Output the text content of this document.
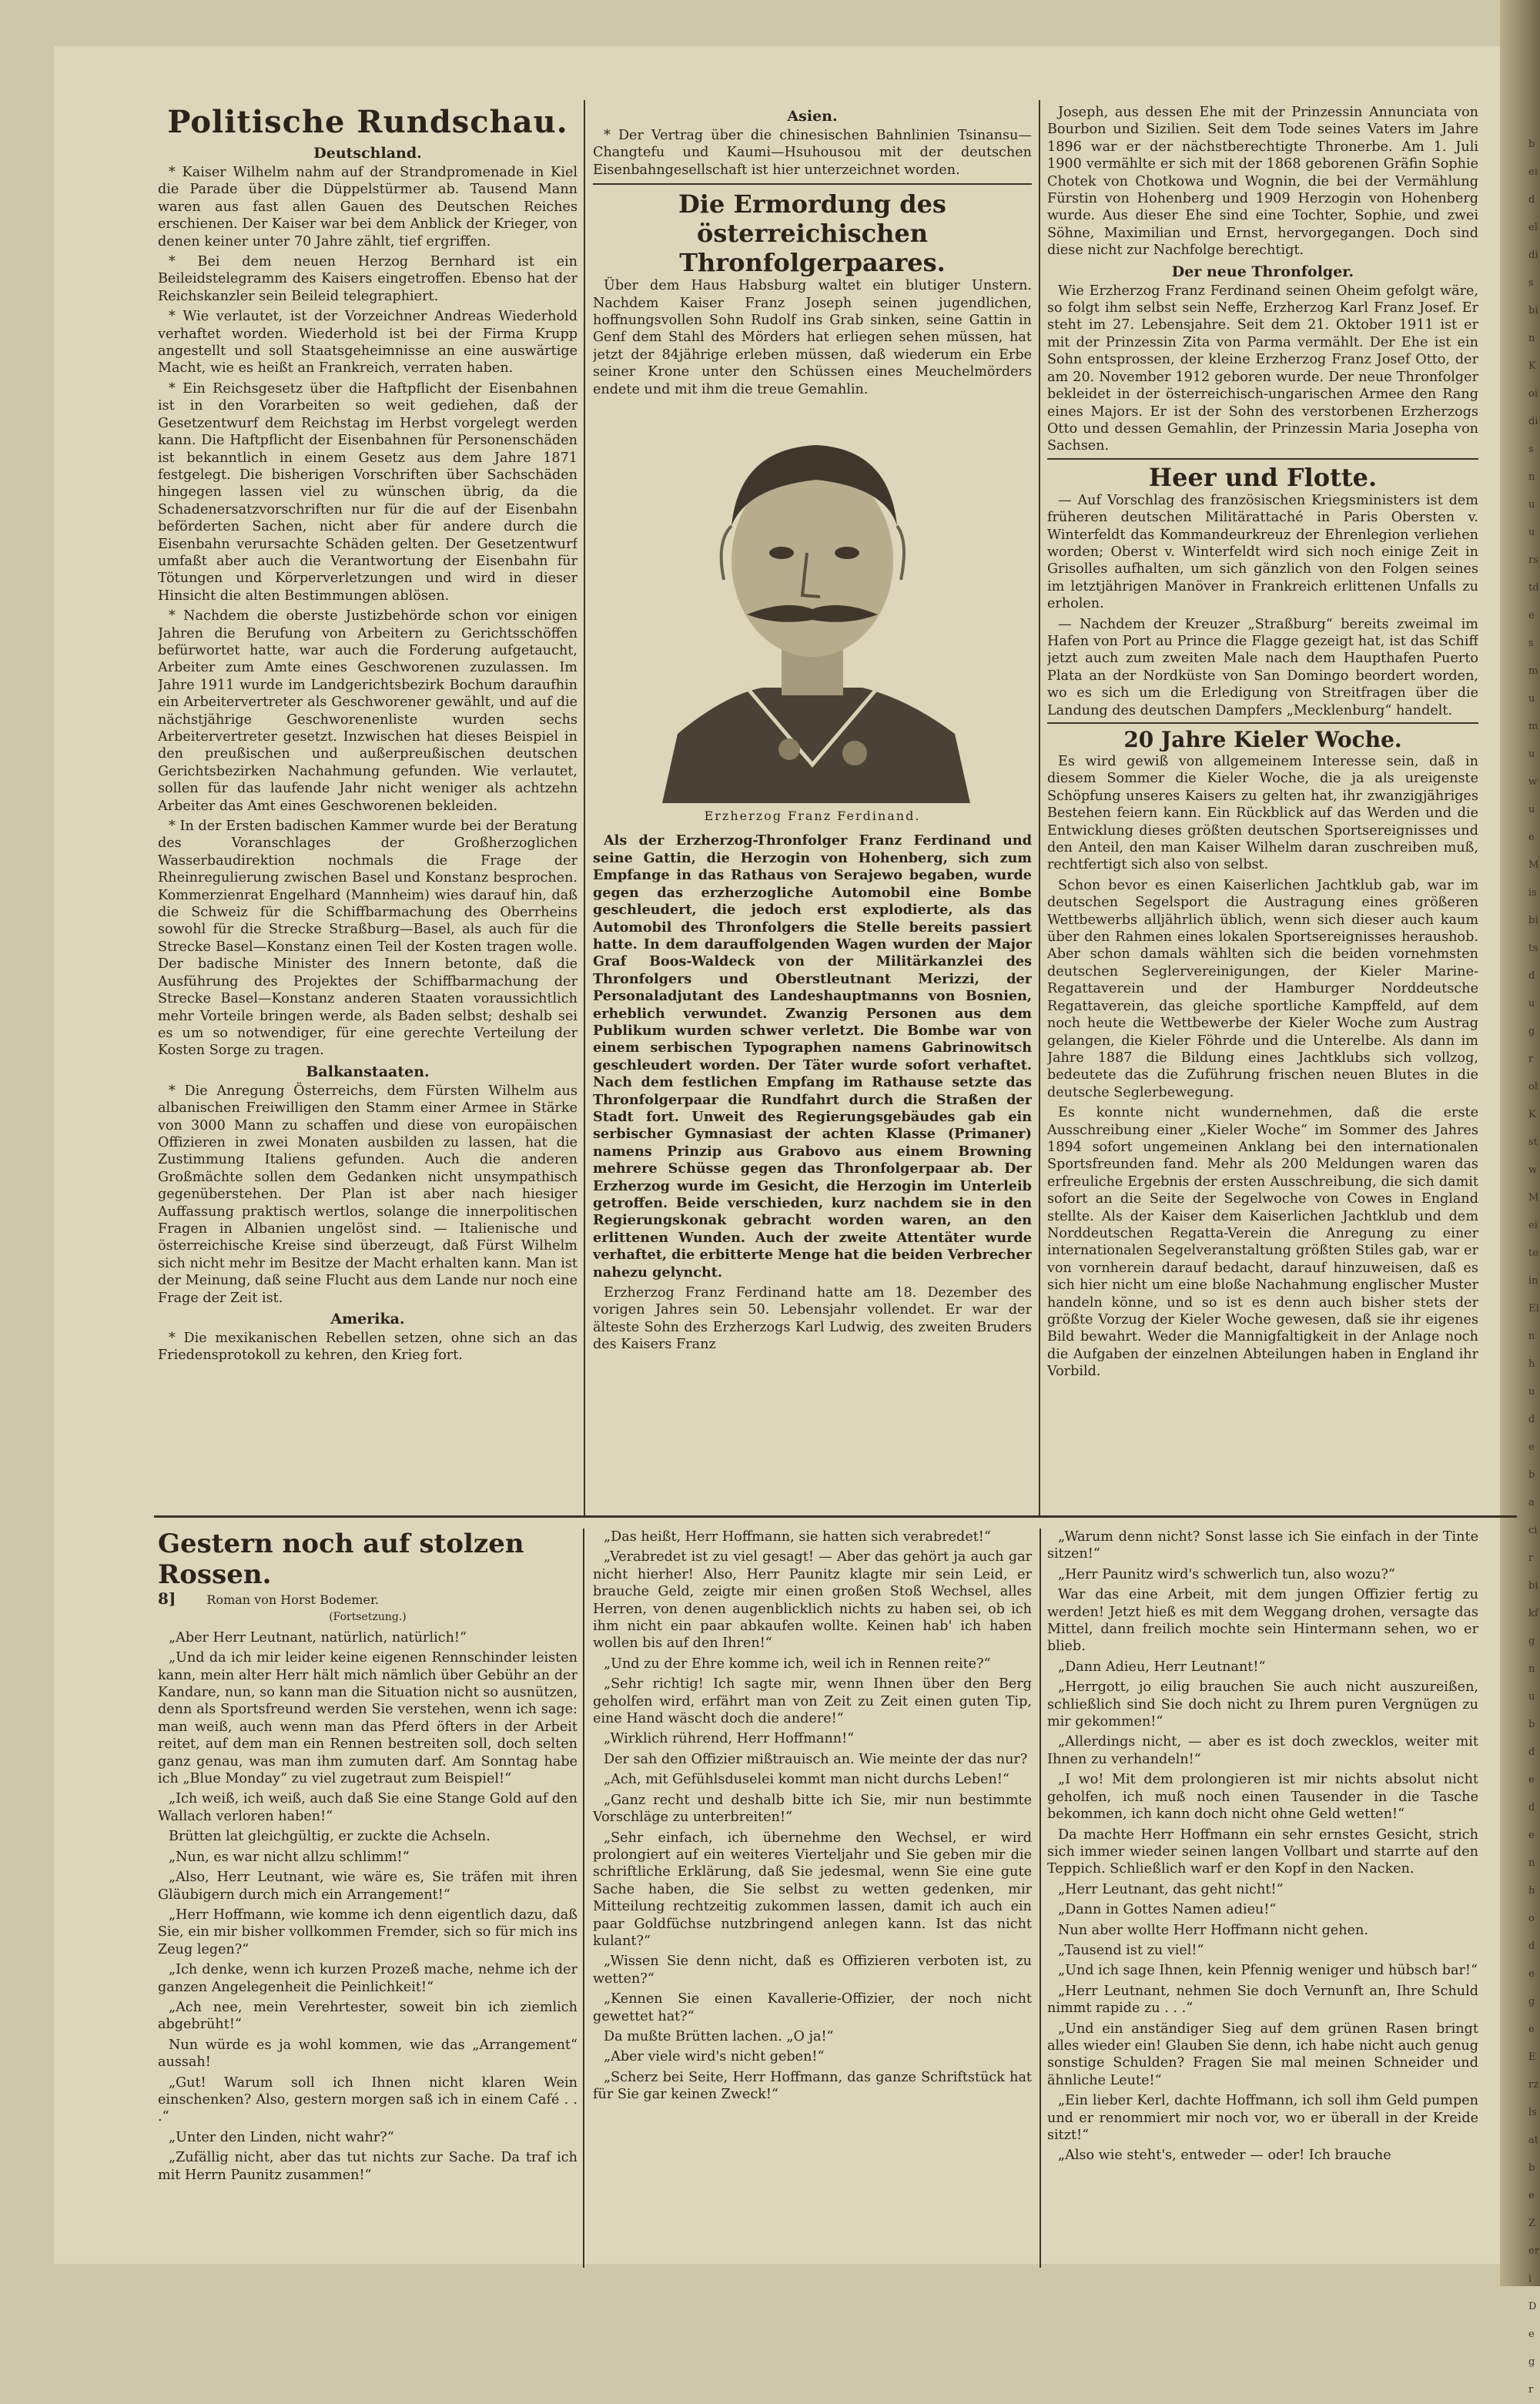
beideldisbinKoidisnuurstdesmumuwueMisbitsdugrolKstwMeiteinEinhudebacirbikfgnubdedenhodegeErzlsatbeZeriDegr
Politische Rundschau.
Deutschland.

* Kaiser Wilhelm nahm auf der Strandpromenade in Kiel die Parade über die Düppelstürmer ab. Tausend Mann waren aus fast allen Gauen des Deutschen Reiches erschienen. Der Kaiser war bei dem Anblick der Krieger, von denen keiner unter 70 Jahre zählt, tief ergriffen.

* Bei dem neuen Herzog Bernhard ist ein Beileidstelegramm des Kaisers eingetroffen. Ebenso hat der Reichskanzler sein Beileid telegraphiert.

* Wie verlautet, ist der Vorzeichner Andreas Wiederhold verhaftet worden. Wiederhold ist bei der Firma Krupp angestellt und soll Staatsgeheimnisse an eine auswärtige Macht, wie es heißt an Frankreich, verraten haben.

* Ein Reichsgesetz über die Haftpflicht der Eisenbahnen ist in den Vorarbeiten so weit gediehen, daß der Gesetzentwurf dem Reichstag im Herbst vorgelegt werden kann. Die Haftpflicht der Eisenbahnen für Personenschäden ist bekanntlich in einem Gesetz aus dem Jahre 1871 festgelegt. Die bisherigen Vorschriften über Sachschäden hingegen lassen viel zu wünschen übrig, da die Schadenersatzvorschriften nur für die auf der Eisenbahn beförderten Sachen, nicht aber für andere durch die Eisenbahn verursachte Schäden gelten. Der Gesetzentwurf umfaßt aber auch die Verantwortung der Eisenbahn für Tötungen und Körperverletzungen und wird in dieser Hinsicht die alten Bestimmungen ablösen.

* Nachdem die oberste Justizbehörde schon vor einigen Jahren die Berufung von Arbeitern zu Gerichtsschöffen befürwortet hatte, war auch die Forderung aufgetaucht, Arbeiter zum Amte eines Geschworenen zuzulassen. Im Jahre 1911 wurde im Landgerichtsbezirk Bochum daraufhin ein Arbeitervertreter als Geschworener gewählt, und auf die nächstjährige Geschworenenliste wurden sechs Arbeitervertreter gesetzt. Inzwischen hat dieses Beispiel in den preußischen und außerpreußischen deutschen Gerichtsbezirken Nachahmung gefunden. Wie verlautet, sollen für das laufende Jahr nicht weniger als achtzehn Arbeiter das Amt eines Geschworenen bekleiden.

* In der Ersten badischen Kammer wurde bei der Beratung des Voranschlages der Großherzoglichen Wasserbaudirektion nochmals die Frage der Rheinregulierung zwischen Basel und Konstanz besprochen. Kommerzienrat Engelhard (Mannheim) wies darauf hin, daß die Schweiz für die Schiffbarmachung des Oberrheins sowohl für die Strecke Straßburg—Basel, als auch für die Strecke Basel—Konstanz einen Teil der Kosten tragen wolle. Der badische Minister des Innern betonte, daß die Ausführung des Projektes der Schiffbarmachung der Strecke Basel—Konstanz anderen Staaten voraussichtlich mehr Vorteile bringen werde, als Baden selbst; deshalb sei es um so notwendiger, für eine gerechte Verteilung der Kosten Sorge zu tragen.

Balkanstaaten.

* Die Anregung Österreichs, dem Fürsten Wilhelm aus albanischen Freiwilligen den Stamm einer Armee in Stärke von 3000 Mann zu schaffen und diese von europäischen Offizieren in zwei Monaten ausbilden zu lassen, hat die Zustimmung Italiens gefunden. Auch die anderen Großmächte sollen dem Gedanken nicht unsympathisch gegenüberstehen. Der Plan ist aber nach hiesiger Auffassung praktisch wertlos, solange die innerpolitischen Fragen in Albanien ungelöst sind. — Italienische und österreichische Kreise sind überzeugt, daß Fürst Wilhelm sich nicht mehr im Besitze der Macht erhalten kann. Man ist der Meinung, daß seine Flucht aus dem Lande nur noch eine Frage der Zeit ist.

Amerika.

* Die mexikanischen Rebellen setzen, ohne sich an das Friedensprotokoll zu kehren, den Krieg fort.

Asien.

* Der Vertrag über die chinesischen Bahnlinien Tsinansu—Changtefu und Kaumi—Hsuhousou mit der deutschen Eisenbahngesellschaft ist hier unterzeichnet worden.

Die Ermordung des österreichischen Thronfolgerpaares.

Über dem Haus Habsburg waltet ein blutiger Unstern. Nachdem Kaiser Franz Joseph seinen jugendlichen, hoffnungsvollen Sohn Rudolf ins Grab sinken, seine Gattin in Genf dem Stahl des Mörders hat erliegen sehen müssen, hat jetzt der 84jährige erleben müssen, daß wiederum ein Erbe seiner Krone unter den Schüssen eines Meuchelmörders endete und mit ihm die treue Gemahlin.

Erzherzog Franz Ferdinand.

Als der Erzherzog-Thronfolger Franz Ferdinand und seine Gattin, die Herzogin von Hohenberg, sich zum Empfange in das Rathaus von Serajewo begaben, wurde gegen das erzherzogliche Automobil eine Bombe geschleudert, die jedoch erst explodierte, als das Automobil des Thronfolgers die Stelle bereits passiert hatte. In dem darauffolgenden Wagen wurden der Major Graf Boos-Waldeck von der Militärkanzlei des Thronfolgers und Oberstleutnant Merizzi, der Personaladjutant des Landeshauptmanns von Bosnien, erheblich verwundet. Zwanzig Personen aus dem Publikum wurden schwer verletzt. Die Bombe war von einem serbischen Typographen namens Gabrinowitsch geschleudert worden. Der Täter wurde sofort verhaftet. Nach dem festlichen Empfang im Rathause setzte das Thronfolgerpaar die Rundfahrt durch die Straßen der Stadt fort. Unweit des Regierungsgebäudes gab ein serbischer Gymnasiast der achten Klasse (Primaner) namens Prinzip aus Grabovo aus einem Browning mehrere Schüsse gegen das Thronfolgerpaar ab. Der Erzherzog wurde im Gesicht, die Herzogin im Unterleib getroffen. Beide verschieden, kurz nachdem sie in den Regierungskonak gebracht worden waren, an den erlittenen Wunden. Auch der zweite Attentäter wurde verhaftet, die erbitterte Menge hat die beiden Verbrecher nahezu gelyncht.

Erzherzog Franz Ferdinand hatte am 18. Dezember des vorigen Jahres sein 50. Lebensjahr vollendet. Er war der älteste Sohn des Erzherzogs Karl Ludwig, des zweiten Bruders des Kaisers Franz

Joseph, aus dessen Ehe mit der Prinzessin Annunciata von Bourbon und Sizilien. Seit dem Tode seines Vaters im Jahre 1896 war er der nächstberechtigte Thronerbe. Am 1. Juli 1900 vermählte er sich mit der 1868 geborenen Gräfin Sophie Chotek von Chotkowa und Wognin, die bei der Vermählung Fürstin von Hohenberg und 1909 Herzogin von Hohenberg wurde. Aus dieser Ehe sind eine Tochter, Sophie, und zwei Söhne, Maximilian und Ernst, hervorgegangen. Doch sind diese nicht zur Nachfolge berechtigt.

Der neue Thronfolger.

Wie Erzherzog Franz Ferdinand seinen Oheim gefolgt wäre, so folgt ihm selbst sein Neffe, Erzherzog Karl Franz Josef. Er steht im 27. Lebensjahre. Seit dem 21. Oktober 1911 ist er mit der Prinzessin Zita von Parma vermählt. Der Ehe ist ein Sohn entsprossen, der kleine Erzherzog Franz Josef Otto, der am 20. November 1912 geboren wurde. Der neue Thronfolger bekleidet in der österreichisch-ungarischen Armee den Rang eines Majors. Er ist der Sohn des verstorbenen Erzherzogs Otto und dessen Gemahlin, der Prinzessin Maria Josepha von Sachsen.

Heer und Flotte.

— Auf Vorschlag des französischen Kriegsministers ist dem früheren deutschen Militärattaché in Paris Obersten v. Winterfeldt das Kommandeurkreuz der Ehrenlegion verliehen worden; Oberst v. Winterfeldt wird sich noch einige Zeit in Grisolles aufhalten, um sich gänzlich von den Folgen seines im letztjährigen Manöver in Frankreich erlittenen Unfalls zu erholen.

— Nachdem der Kreuzer „Straßburg“ bereits zweimal im Hafen von Port au Prince die Flagge gezeigt hat, ist das Schiff jetzt auch zum zweiten Male nach dem Haupthafen Puerto Plata an der Nordküste von San Domingo beordert worden, wo es sich um die Erledigung von Streitfragen über die Landung des deutschen Dampfers „Mecklenburg“ handelt.

20 Jahre Kieler Woche.

Es wird gewiß von allgemeinem Interesse sein, daß in diesem Sommer die Kieler Woche, die ja als ureigenste Schöpfung unseres Kaisers zu gelten hat, ihr zwanzigjähriges Bestehen feiern kann. Ein Rückblick auf das Werden und die Entwicklung dieses größten deutschen Sportsereignisses und den Anteil, den man Kaiser Wilhelm daran zuschreiben muß, rechtfertigt sich also von selbst.

Schon bevor es einen Kaiserlichen Jachtklub gab, war im deutschen Segelsport die Austragung eines größeren Wettbewerbs alljährlich üblich, wenn sich dieser auch kaum über den Rahmen eines lokalen Sportsereignisses heraushob. Aber schon damals wählten sich die beiden vornehmsten deutschen Seglervereinigungen, der Kieler Marine-Regattaverein und der Hamburger Norddeutsche Regattaverein, das gleiche sportliche Kampffeld, auf dem noch heute die Wettbewerbe der Kieler Woche zum Austrag gelangen, die Kieler Föhrde und die Unterelbe. Als dann im Jahre 1887 die Bildung eines Jachtklubs sich vollzog, bedeutete das die Zuführung frischen neuen Blutes in die deutsche Seglerbewegung.

Es konnte nicht wundernehmen, daß die erste Ausschreibung einer „Kieler Woche“ im Sommer des Jahres 1894 sofort ungemeinen Anklang bei den internationalen Sportsfreunden fand. Mehr als 200 Meldungen waren das erfreuliche Ergebnis der ersten Ausschreibung, die sich damit sofort an die Seite der Segelwoche von Cowes in England stellte. Als der Kaiser dem Kaiserlichen Jachtklub und dem Norddeutschen Regatta-Verein die Anregung zu einer internationalen Segelveranstaltung größten Stiles gab, war er von vornherein darauf bedacht, darauf hinzuweisen, daß es sich hier nicht um eine bloße Nachahmung englischer Muster handeln könne, und so ist es denn auch bisher stets der größte Vorzug der Kieler Woche gewesen, daß sie ihr eigenes Bild bewahrt. Weder die Mannigfaltigkeit in der Anlage noch die Aufgaben der einzelnen Abteilungen haben in England ihr Vorbild.

Gestern noch auf stolzen Rossen.
8]	Roman von Horst Bodemer.
(Fortsetzung.)

„Aber Herr Leutnant, natürlich, natürlich!“

„Und da ich mir leider keine eigenen Rennschinder leisten kann, mein alter Herr hält mich nämlich über Gebühr an der Kandare, nun, so kann man die Situation nicht so ausnützen, denn als Sportsfreund werden Sie verstehen, wenn ich sage: man weiß, auch wenn man das Pferd öfters in der Arbeit reitet, auf dem man ein Rennen bestreiten soll, doch selten ganz genau, was man ihm zumuten darf. Am Sonntag habe ich „Blue Monday“ zu viel zugetraut zum Beispiel!“

„Ich weiß, ich weiß, auch daß Sie eine Stange Gold auf den Wallach verloren haben!“

Brütten lat gleichgültig, er zuckte die Achseln.

„Nun, es war nicht allzu schlimm!“

„Also, Herr Leutnant, wie wäre es, Sie träfen mit ihren Gläubigern durch mich ein Arrangement!“

„Herr Hoffmann, wie komme ich denn eigentlich dazu, daß Sie, ein mir bisher vollkommen Fremder, sich so für mich ins Zeug legen?“

„Ich denke, wenn ich kurzen Prozeß mache, nehme ich der ganzen Angelegenheit die Peinlichkeit!“

„Ach nee, mein Verehrtester, soweit bin ich ziemlich abgebrüht!“

Nun würde es ja wohl kommen, wie das „Arrangement“ aussah!

„Gut! Warum soll ich Ihnen nicht klaren Wein einschenken? Also, gestern morgen saß ich in einem Café . . .“

„Unter den Linden, nicht wahr?“

„Zufällig nicht, aber das tut nichts zur Sache. Da traf ich mit Herrn Paunitz zusammen!“

„Das heißt, Herr Hoffmann, sie hatten sich verabredet!“

„Verabredet ist zu viel gesagt! — Aber das gehört ja auch gar nicht hierher! Also, Herr Paunitz klagte mir sein Leid, er brauche Geld, zeigte mir einen großen Stoß Wechsel, alles Herren, von denen augenblicklich nichts zu haben sei, ob ich ihm nicht ein paar abkaufen wollte. Keinen hab' ich haben wollen bis auf den Ihren!“

„Und zu der Ehre komme ich, weil ich in Rennen reite?“

„Sehr richtig! Ich sagte mir, wenn Ihnen über den Berg geholfen wird, erfährt man von Zeit zu Zeit einen guten Tip, eine Hand wäscht doch die andere!“

„Wirklich rührend, Herr Hoffmann!“

Der sah den Offizier mißtrauisch an. Wie meinte der das nur?

„Ach, mit Gefühlsduselei kommt man nicht durchs Leben!“

„Ganz recht und deshalb bitte ich Sie, mir nun bestimmte Vorschläge zu unterbreiten!“

„Sehr einfach, ich übernehme den Wechsel, er wird prolongiert auf ein weiteres Vierteljahr und Sie geben mir die schriftliche Erklärung, daß Sie jedesmal, wenn Sie eine gute Sache haben, die Sie selbst zu wetten gedenken, mir Mitteilung rechtzeitig zukommen lassen, damit ich auch ein paar Goldfüchse nutzbringend anlegen kann. Ist das nicht kulant?“

„Wissen Sie denn nicht, daß es Offizieren verboten ist, zu wetten?“

„Kennen Sie einen Kavallerie-Offizier, der noch nicht gewettet hat?“

Da mußte Brütten lachen. „O ja!“

„Aber viele wird's nicht geben!“

„Scherz bei Seite, Herr Hoffmann, das ganze Schriftstück hat für Sie gar keinen Zweck!“

„Warum denn nicht? Sonst lasse ich Sie einfach in der Tinte sitzen!“

„Herr Paunitz wird's schwerlich tun, also wozu?“

War das eine Arbeit, mit dem jungen Offizier fertig zu werden! Jetzt hieß es mit dem Weggang drohen, versagte das Mittel, dann freilich mochte sein Hintermann sehen, wo er blieb.

„Dann Adieu, Herr Leutnant!“

„Herrgott, jo eilig brauchen Sie auch nicht auszureißen, schließlich sind Sie doch nicht zu Ihrem puren Vergnügen zu mir gekommen!“

„Allerdings nicht, — aber es ist doch zwecklos, weiter mit Ihnen zu verhandeln!“

„I wo! Mit dem prolongieren ist mir nichts absolut nicht geholfen, ich muß noch einen Tausender in die Tasche bekommen, ich kann doch nicht ohne Geld wetten!“

Da machte Herr Hoffmann ein sehr ernstes Gesicht, strich sich immer wieder seinen langen Vollbart und starrte auf den Teppich. Schließlich warf er den Kopf in den Nacken.

„Herr Leutnant, das geht nicht!“

„Dann in Gottes Namen adieu!“

Nun aber wollte Herr Hoffmann nicht gehen.

„Tausend ist zu viel!“

„Und ich sage Ihnen, kein Pfennig weniger und hübsch bar!“

„Herr Leutnant, nehmen Sie doch Vernunft an, Ihre Schuld nimmt rapide zu . . .“

„Und ein anständiger Sieg auf dem grünen Rasen bringt alles wieder ein! Glauben Sie denn, ich habe nicht auch genug sonstige Schulden? Fragen Sie mal meinen Schneider und ähnliche Leute!“

„Ein lieber Kerl, dachte Hoffmann, ich soll ihm Geld pumpen und er renommiert mir noch vor, wo er überall in der Kreide sitzt!“

„Also wie steht's, entweder — oder! Ich brauche
